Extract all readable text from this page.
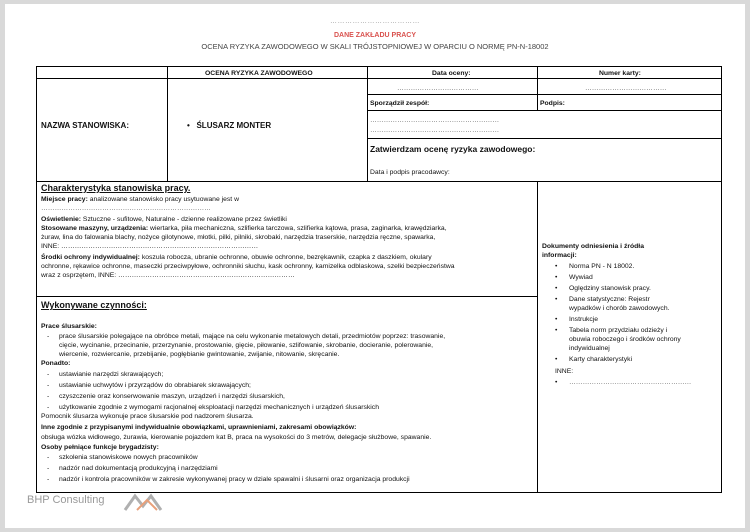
………………………………
DANE ZAKŁADU PRACY
OCENA RYZYKA ZAWODOWEGO W SKALI TRÓJSTOPNIOWEJ W OPARCIU O NORMĘ PN-N-18002
OCENA RYZYKA ZAWODOWEGO	Data oceny:	Numer karty:
………………………………	………………………………
NAZWA STANOWISKA:	•   ŚLUSARZ MONTER
Sporządził zespół:	Podpis:
…………………………………………………
…………………………………………………
Zatwierdzam ocenę ryzyka zawodowego:
Data i podpis pracodawcy:
Charakterystyka stanowiska pracy.
Miejsce pracy: analizowane stanowisko pracy usytuowane jest w
…………………………………………………………………
Oświetlenie: Sztuczne - sufitowe, Naturalne - dzienne realizowane przez świetliki
Stosowane maszyny, urządzenia: wiertarka, piła mechaniczna, szlifierka tarczowa, szlifierka kątowa, prasa, zaginarka, krawędziarka,
żuraw, lina do falowania blachy, nożyce gilotynowe, młotki, pilki, pilniki, skrobaki, narzędzia traserskie, narzędzia ręczne, spawarka,
INNE: ……………………………………………………………………………
Środki ochrony indywidualnej: koszula robocza, ubranie ochronne, obuwie ochronne, bezrękawnik, czapka z daszkiem, okulary
ochronne, rękawice ochronne, maseczki przeciwpyłowe, ochronniki słuchu, kask ochronny, kamizelka odblaskowa, szelki bezpieczeństwa
wraz z osprzętem, INNE: ……………………………………………………………………
Wykonywane czynności:
Prace ślusarskie:
- prace ślusarskie polegające na obróbce metali, mające na celu wykonanie metalowych detali, przedmiotów poprzez: trasowanie,
cięcie, wycinanie, przecinanie, przerzynanie, prostowanie, gięcie, piłowanie, szlifowanie, skrobanie, docieranie, polerowanie,
wiercenie, rozwiercanie, przebijanie, pogłębianie gwintowanie, zwijanie, nitowanie, skręcanie.
Ponadto:
- ustawianie narzędzi skrawających;
- ustawianie uchwytów i przyrządów do obrabiarek skrawających;
- czyszczenie oraz konserwowanie maszyn, urządzeń i narzędzi ślusarskich,
- użytkowanie zgodnie z wymogami racjonalnej eksploatacji narzędzi mechanicznych i urządzeń ślusarskich
Pomocnik ślusarza wykonuje prace ślusarskie pod nadzorem ślusarza.
Inne zgodnie z przypisanymi indywidualnie obowiązkami, uprawnieniami, zakresami obowiązków:
obsługa wózka widłowego, żurawia, kierowanie pojazdem kat B, praca na wysokości do 3 metrów, delegacje służbowe, spawanie.
Osoby pełniące funkcje brygadzisty:
- szkolenia stanowiskowe nowych pracowników
- nadzór nad dokumentacją produkcyjną i narzędziami
- nadzór i kontrola pracowników w zakresie wykonywanej pracy w dziale spawalni i ślusarni oraz organizacja produkcji
Dokumenty odniesienia i źródła
informacji:
• Norma PN - N 18002.
• Wywiad
• Oględziny stanowisk pracy.
• Dane statystyczne: Rejestr
wypadków i chorób zawodowych.
• Instrukcje
• Tabela norm przydziału odzieży i
obuwia roboczego i środków ochrony
indywidualnej
• Karty charakterystyki
INNE:
• ………………………………………………
BHP Consulting
